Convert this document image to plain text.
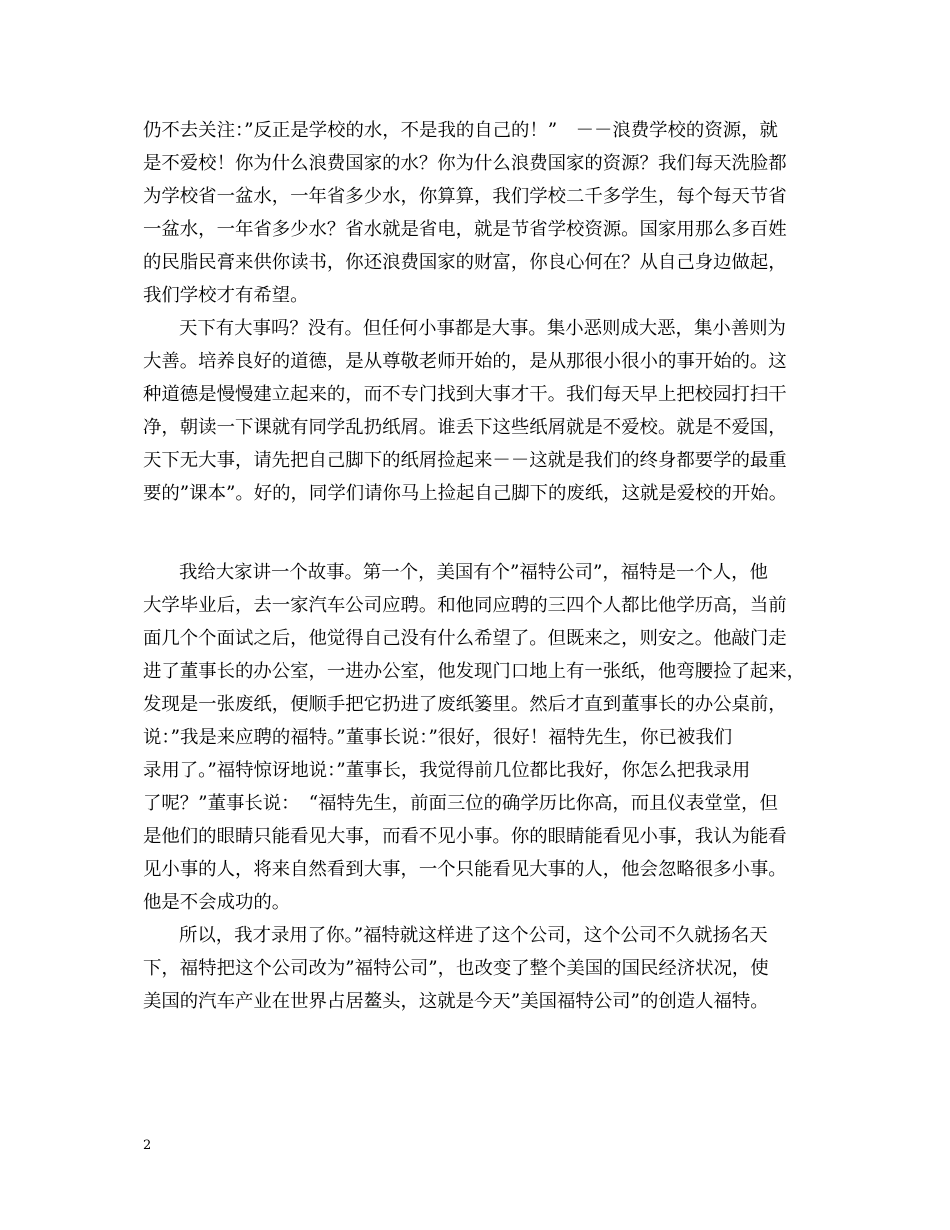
仍不去关注：”反正是学校的水，不是我的自己的！”　－－浪费学校的资源，就
是不爱校！你为什么浪费国家的水？你为什么浪费国家的资源？我们每天洗脸都
为学校省一盆水，一年省多少水，你算算，我们学校二千多学生，每个每天节省
一盆水，一年省多少水？省水就是省电，就是节省学校资源。国家用那么多百姓
的民脂民膏来供你读书，你还浪费国家的财富，你良心何在？从自己身边做起，
我们学校才有希望。
天下有大事吗？没有。但任何小事都是大事。集小恶则成大恶，集小善则为
大善。培养良好的道德，是从尊敬老师开始的，是从那很小很小的事开始的。这
种道德是慢慢建立起来的，而不专门找到大事才干。我们每天早上把校园打扫干
净，朝读一下课就有同学乱扔纸屑。谁丢下这些纸屑就是不爱校。就是不爱国，
天下无大事，请先把自己脚下的纸屑捡起来－－这就是我们的终身都要学的最重
要的”课本”。好的，同学们请你马上捡起自己脚下的废纸，这就是爱校的开始。
我给大家讲一个故事。第一个，美国有个”福特公司”，福特是一个人，他
大学毕业后，去一家汽车公司应聘。和他同应聘的三四个人都比他学历高，当前
面几个个面试之后，他觉得自己没有什么希望了。但既来之，则安之。他敲门走
进了董事长的办公室，一进办公室，他发现门口地上有一张纸，他弯腰捡了起来，
发现是一张废纸，便顺手把它扔进了废纸篓里。然后才直到董事长的办公桌前，
说：”我是来应聘的福特。”董事长说：”很好，很好！福特先生，你已被我们
录用了。”福特惊讶地说：”董事长，我觉得前几位都比我好，你怎么把我录用
了呢？”董事长说：　“福特先生，前面三位的确学历比你高，而且仪表堂堂，但
是他们的眼睛只能看见大事，而看不见小事。你的眼睛能看见小事，我认为能看
见小事的人，将来自然看到大事，一个只能看见大事的人，他会忽略很多小事。
他是不会成功的。
所以，我才录用了你。”福特就这样进了这个公司，这个公司不久就扬名天
下，福特把这个公司改为”福特公司”，也改变了整个美国的国民经济状况，使
美国的汽车产业在世界占居鳌头，这就是今天”美国福特公司”的创造人福特。
2
